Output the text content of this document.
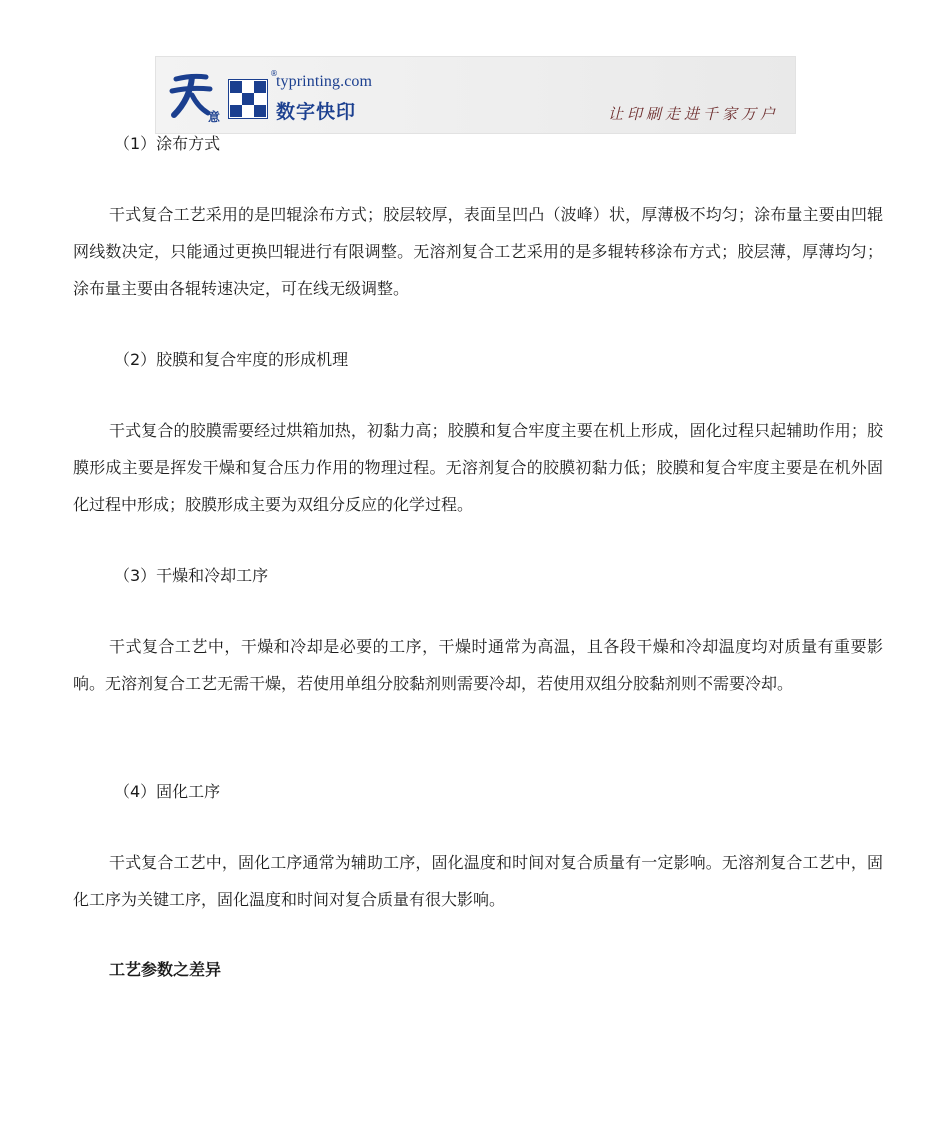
意
®
typrinting.com
数字快印	让印刷走进千家万户
（1）涂布方式

干式复合工艺采用的是凹辊涂布方式；胶层较厚，表面呈凹凸（波峰）状，厚薄极不均匀；涂布量主要由凹辊网线数决定，只能通过更换凹辊进行有限调整。无溶剂复合工艺采用的是多辊转移涂布方式；胶层薄，厚薄均匀；涂布量主要由各辊转速决定，可在线无级调整。

（2）胶膜和复合牢度的形成机理

干式复合的胶膜需要经过烘箱加热，初黏力高；胶膜和复合牢度主要在机上形成，固化过程只起辅助作用；胶膜形成主要是挥发干燥和复合压力作用的物理过程。无溶剂复合的胶膜初黏力低；胶膜和复合牢度主要是在机外固化过程中形成；胶膜形成主要为双组分反应的化学过程。

（3）干燥和冷却工序

干式复合工艺中，干燥和冷却是必要的工序，干燥时通常为高温，且各段干燥和冷却温度均对质量有重要影响。无溶剂复合工艺无需干燥，若使用单组分胶黏剂则需要冷却，若使用双组分胶黏剂则不需要冷却。

（4）固化工序

干式复合工艺中，固化工序通常为辅助工序，固化温度和时间对复合质量有一定影响。无溶剂复合工艺中，固化工序为关键工序，固化温度和时间对复合质量有很大影响。

工艺参数之差异
